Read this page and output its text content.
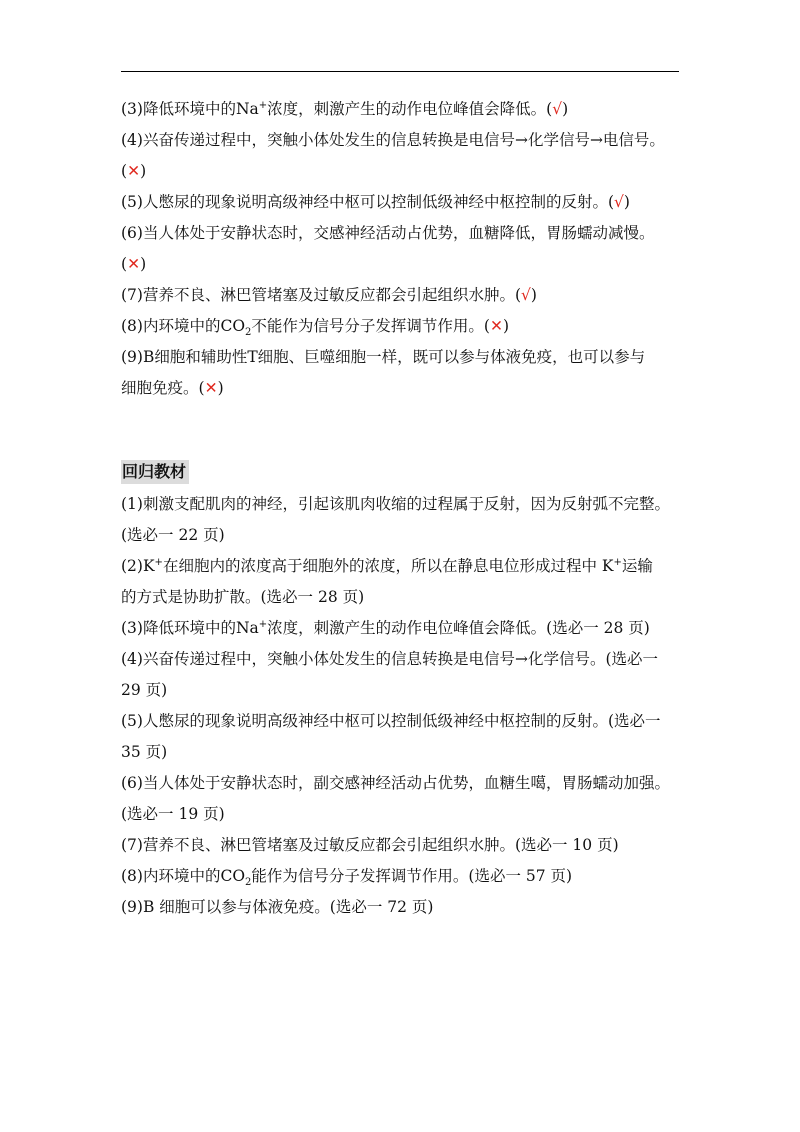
(3)降低环境中的Na+浓度，刺激产生的动作电位峰值会降低。(√)
(4)兴奋传递过程中，突触小体处发生的信息转换是电信号→化学信号→电信号。
(✕)
(5)人憋尿的现象说明高级神经中枢可以控制低级神经中枢控制的反射。(√)
(6)当人体处于安静状态时，交感神经活动占优势，血糖降低，胃肠蠕动减慢。
(✕)
(7)营养不良、淋巴管堵塞及过敏反应都会引起组织水肿。(√)
(8)内环境中的$CO_2$不能作为信号分子发挥调节作用。(✕)
(9)B细胞和辅助性T细胞、巨噬细胞一样，既可以参与体液免疫，也可以参与
细胞免疫。(✕)
回归教材
(1)刺激支配肌肉的神经，引起该肌肉收缩的过程属于反射，因为反射弧不完整。
(选必一 22 页)
(2)K+在细胞内的浓度高于细胞外的浓度，所以在静息电位形成过程中 K+运输
的方式是协助扩散。(选必一 28 页)
(3)降低环境中的Na+浓度，刺激产生的动作电位峰值会降低。(选必一 28 页)
(4)兴奋传递过程中，突触小体处发生的信息转换是电信号→化学信号。(选必一
29 页)
(5)人憋尿的现象说明高级神经中枢可以控制低级神经中枢控制的反射。(选必一
35 页)
(6)当人体处于安静状态时，副交感神经活动占优势，血糖生噶，胃肠蠕动加强。
(选必一 19 页)
(7)营养不良、淋巴管堵塞及过敏反应都会引起组织水肿。(选必一 10 页)
(8)内环境中的$CO_2$能作为信号分子发挥调节作用。(选必一 57 页)
(9)B 细胞可以参与体液免疫。(选必一 72 页)
